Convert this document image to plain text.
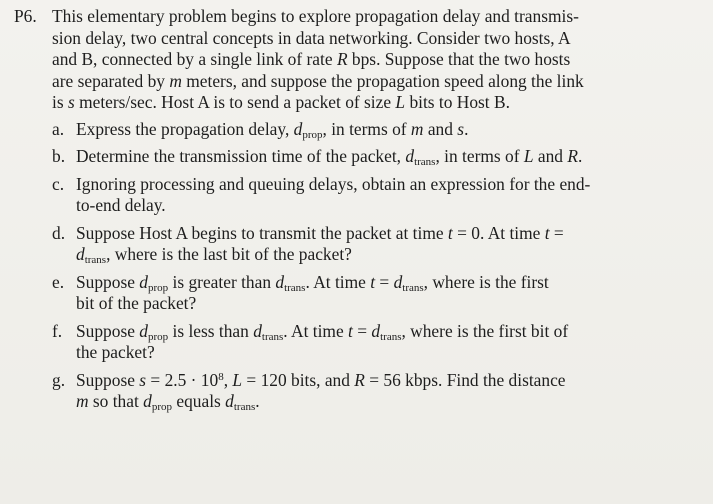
P6. This elementary problem begins to explore propagation delay and transmis-
sion delay, two central concepts in data networking. Consider two hosts, A
and B, connected by a single link of rate R bps. Suppose that the two hosts
are separated by m meters, and suppose the propagation speed along the link
is s meters/sec. Host A is to send a packet of size L bits to Host B.
a. Express the propagation delay, $d_{prop}$, in terms of m and s.
b. Determine the transmission time of the packet, $d_{trans}$, in terms of L and R.
c. Ignoring processing and queuing delays, obtain an expression for the end-
to-end delay.
d. Suppose Host A begins to transmit the packet at time t = 0. At time t =
$d_{trans}$, where is the last bit of the packet?
e. Suppose $d_{prop}$ is greater than $d_{trans}$. At time $t = d_{trans}$, where is the first
bit of the packet?
f. Suppose $d_{prop}$ is less than $d_{trans}$. At time $t = d_{trans}$, where is the first bit of
the packet?
g. Suppose $s = 2.5 \cdot 10^8$, L = 120 bits, and R = 56 kbps. Find the distance
m so that $d_{prop}$ equals $d_{trans}$.
